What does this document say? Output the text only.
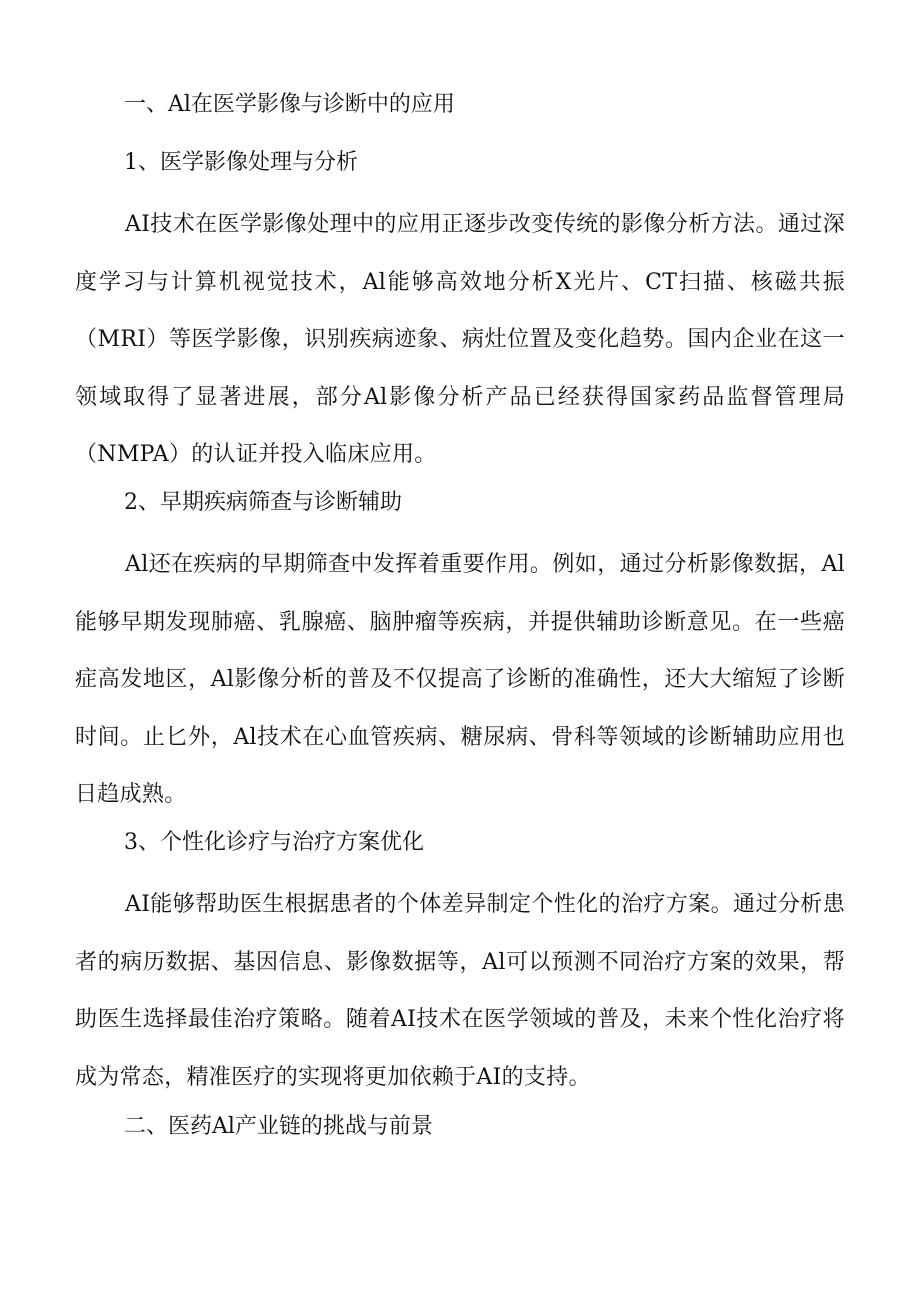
一、Al在医学影像与诊断中的应用
1、医学影像处理与分析

AI技术在医学影像处理中的应用正逐步改变传统的影像分析方法。通过深度学习与计算机视觉技术，Al能够高效地分析X光片、CT扫描、核磁共振（MRI）等医学影像，识别疾病迹象、病灶位置及变化趋势。国内企业在这一领域取得了显著进展，部分Al影像分析产品已经获得国家药品监督管理局（NMPA）的认证并投入临床应用。

2、早期疾病筛查与诊断辅助

Al还在疾病的早期筛查中发挥着重要作用。例如，通过分析影像数据，Al能够早期发现肺癌、乳腺癌、脑肿瘤等疾病，并提供辅助诊断意见。在一些癌症高发地区，Al影像分析的普及不仅提高了诊断的准确性，还大大缩短了诊断时间。止匕外，Al技术在心血管疾病、糖尿病、骨科等领域的诊断辅助应用也日趋成熟。

3、个性化诊疗与治疗方案优化

AI能够帮助医生根据患者的个体差异制定个性化的治疗方案。通过分析患者的病历数据、基因信息、影像数据等，Al可以预测不同治疗方案的效果，帮助医生选择最佳治疗策略。随着AI技术在医学领域的普及，未来个性化治疗将成为常态，精准医疗的实现将更加依赖于AI的支持。

二、医药Al产业链的挑战与前景
